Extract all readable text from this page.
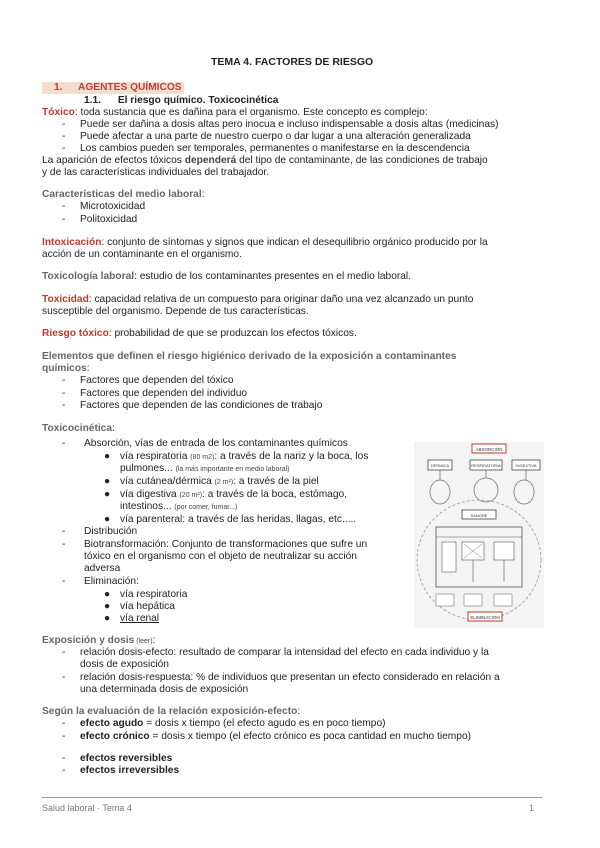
TEMA 4. FACTORES DE RIESGO
1. AGENTES QUÍMICOS
1.1. El riesgo químico. Toxicocinética
Tóxico: toda sustancia que es dañina para el organismo. Este concepto es complejo:
- Puede ser dañina a dosis altas pero inocua e incluso indispensable a dosis altas (medicinas)
- Puede afectar a una parte de nuestro cuerpo o dar lugar a una alteración generalizada
- Los cambios pueden ser temporales, permanentes o manifestarse en la descendencia
La aparición de efectos tóxicos dependerá del tipo de contaminante, de las condiciones de trabajo
y de las características individuales del trabajador.
Características del medio laboral:
- Microtoxicidad
- Politoxicidad
Intoxicación: conjunto de síntomas y signos que indican el desequilibrio orgánico producido por la
acción de un contaminante en el organismo.
Toxicología laboral: estudio de los contaminantes presentes en el medio laboral.
Toxicidad: capacidad relativa de un compuesto para originar daño una vez alcanzado un punto
susceptible del organismo. Depende de tus características.
Riesgo tóxico: probabilidad de que se produzcan los efectos tóxicos.
Elementos que definen el riesgo higiénico derivado de la exposición a contaminantes
químicos:
- Factores que dependen del tóxico
- Factores que dependen del individuo
- Factores que dependen de las condiciones de trabajo
Toxicocinética:
- Absorción, vías de entrada de los contaminantes químicos
● vía respiratoria (80 m2): a través de la nariz y la boca, los
pulmones... (la más importante en medio laboral)
● vía cutánea/dérmica (2 m²): a través de la piel
● vía digestiva (20 m²): a través de la boca, estómago,
intestinos... (por comer, fumar...)
● vía parenteral: a través de las heridas, llagas, etc.....
- Distribución
- Biotransformación: Conjunto de transformaciones que sufre un
tóxico en el organismo con el objeto de neutralizar su acción
adversa
- Eliminación:
● vía respiratoria
● vía hepática
● vía renal
ABSORCIÓN
DÉRMICA	RESPIRATORIA	DIGESTIVA
SANGRE
ELIMINACIÓN
Exposición y dosis (leer):
- relación dosis-efecto: resultado de comparar la intensidad del efecto en cada individuo y la
dosis de exposición
- relación dosis-respuesta: % de individuos que presentan un efecto considerado en relación a
una determinada dosis de exposición
Según la evaluación de la relación exposición-efecto:
- efecto agudo = dosis x tiempo (el efecto agudo es en poco tiempo)
- efecto crónico = dosis x tiempo (el efecto crónico es poca cantidad en mucho tiempo)
- efectos reversibles
- efectos irreversibles
Salud laboral · Tema 4	1
